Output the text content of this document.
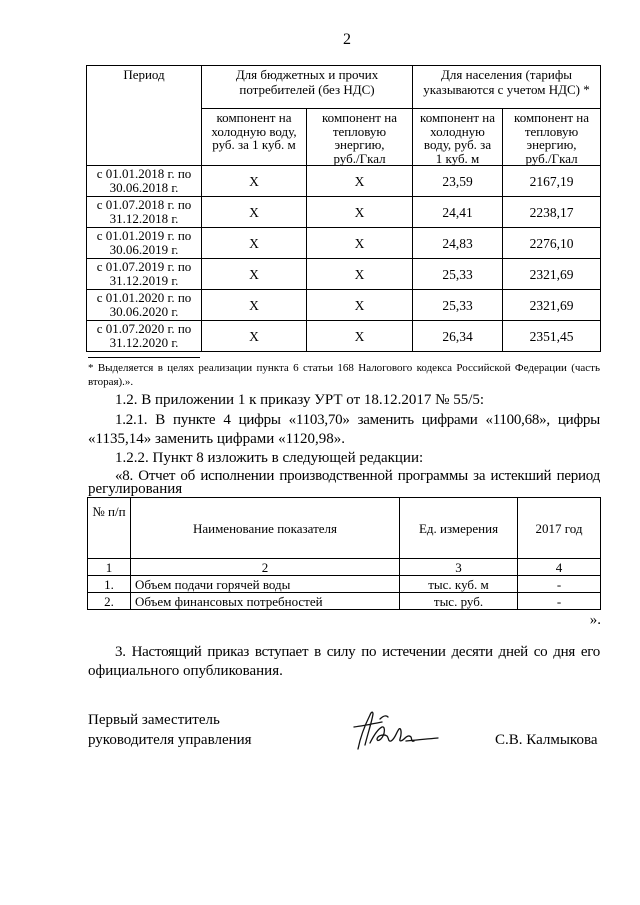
2
Период	Для бюджетных и прочих
потребителей (без НДС)		Для населения (тарифы
указываются с учетом НДС) *	

	компонент на
холодную воду,
руб. за 1 куб. м	компонент на
тепловую
энергию,
руб./Гкал	компонент на
холодную
воду, руб. за
1 куб. м	компонент на
тепловую
энергию,
руб./Гкал

с 01.01.2018 г. по
30.06.2018 г.	X	X	23,59	2167,19

с 01.07.2018 г. по
31.12.2018 г.	X	X	24,41	2238,17

с 01.01.2019 г. по
30.06.2019 г.	X	X	24,83	2276,10

с 01.07.2019 г. по
31.12.2019 г.	X	X	25,33	2321,69

с 01.01.2020 г. по
30.06.2020 г.	X	X	25,33	2321,69

с 01.07.2020 г. по
31.12.2020 г.	X	X	26,34	2351,45
* Выделяется в целях реализации пункта 6 статьи 168 Налогового кодекса Российской Федерации (часть
вторая).».
1.2. В приложении 1 к приказу УРТ от 18.12.2017 № 55/5:
1.2.1. В пункте 4 цифры «1103,70» заменить цифрами «1100,68», цифры
«1135,14» заменить цифрами «1120,98».
1.2.2. Пункт 8 изложить в следующей редакции:
«8. Отчет об исполнении производственной программы за истекший период
регулирования
№ п/п	Наименование показателя	Ед. измерения	2017 год
1	2	3	4
1.	Объем подачи горячей воды	тыс. куб. м	-
2.	Объем финансовых потребностей	тыс. руб.	-
».
3. Настоящий приказ вступает в силу по истечении десяти дней со дня его
официального опубликования.
Первый заместитель
руководителя управления	С.В. Калмыкова
